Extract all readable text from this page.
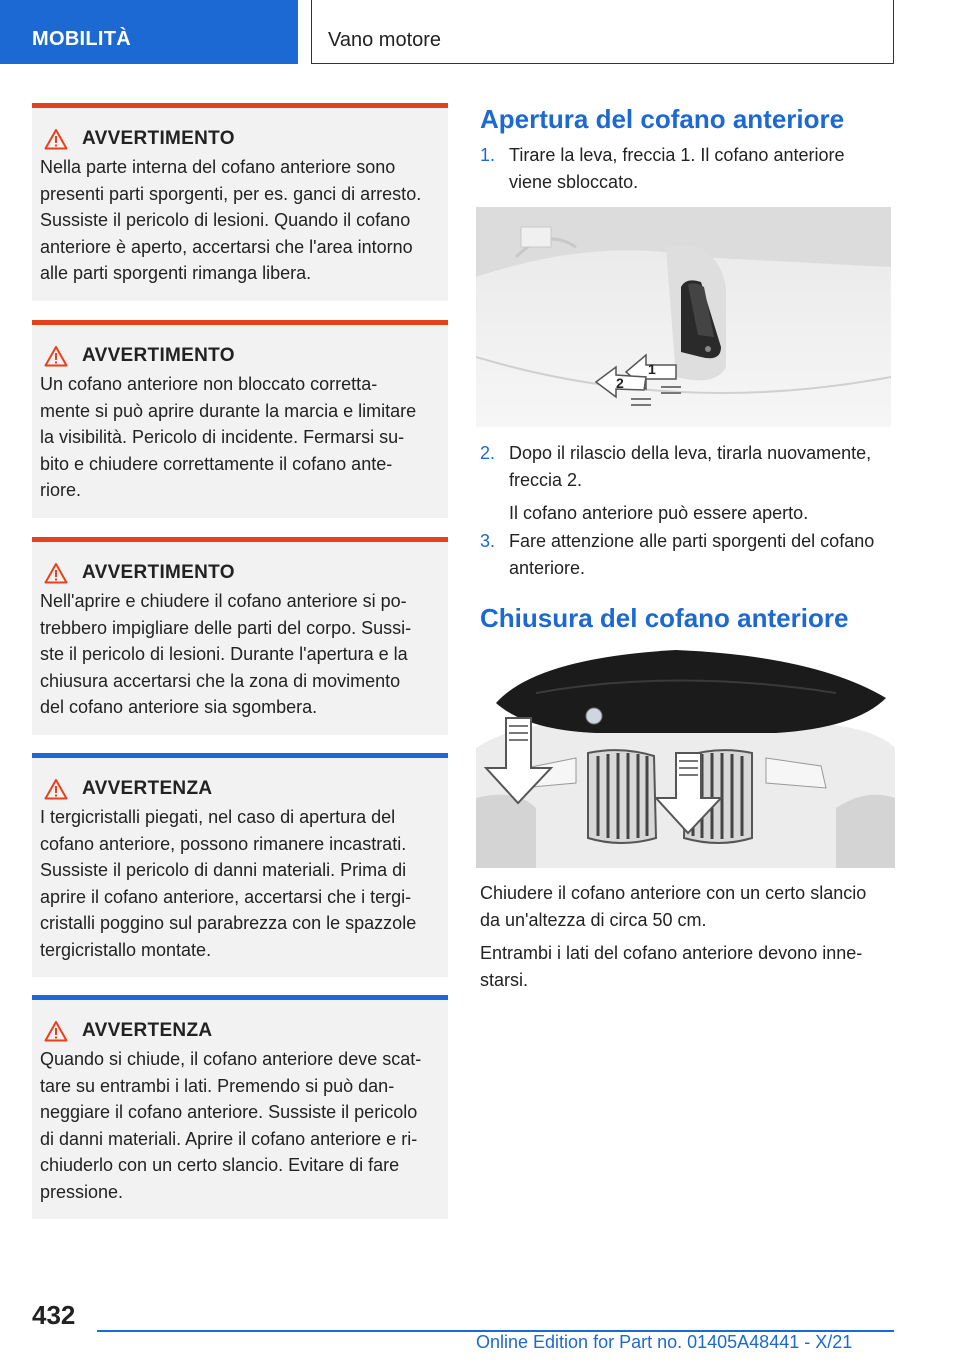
MOBILITÀ	Vano motore
AVVERTIMENTO
Nella parte interna del cofano anteriore sono
presenti parti sporgenti, per es. ganci di arresto.
Sussiste il pericolo di lesioni. Quando il cofano
anteriore è aperto, accertarsi che l'area intorno
alle parti sporgenti rimanga libera.
AVVERTIMENTO
Un cofano anteriore non bloccato corretta-
mente si può aprire durante la marcia e limitare
la visibilità. Pericolo di incidente. Fermarsi su-
bito e chiudere correttamente il cofano ante-
riore.
AVVERTIMENTO
Nell'aprire e chiudere il cofano anteriore si po-
trebbero impigliare delle parti del corpo. Sussi-
ste il pericolo di lesioni. Durante l'apertura e la
chiusura accertarsi che la zona di movimento
del cofano anteriore sia sgombera.
AVVERTENZA
I tergicristalli piegati, nel caso di apertura del
cofano anteriore, possono rimanere incastrati.
Sussiste il pericolo di danni materiali. Prima di
aprire il cofano anteriore, accertarsi che i tergi-
cristalli poggino sul parabrezza con le spazzole
tergicristallo montate.
AVVERTENZA
Quando si chiude, il cofano anteriore deve scat-
tare su entrambi i lati. Premendo si può dan-
neggiare il cofano anteriore. Sussiste il pericolo
di danni materiali. Aprire il cofano anteriore e ri-
chiuderlo con un certo slancio. Evitare di fare
pressione.
Apertura del cofano anteriore
1. Tirare la leva, freccia 1. Il cofano anteriore
viene sbloccato.
1
2
2. Dopo il rilascio della leva, tirarla nuovamente,
freccia 2.
Il cofano anteriore può essere aperto.
3. Fare attenzione alle parti sporgenti del cofano
anteriore.
Chiusura del cofano anteriore
Chiudere il cofano anteriore con un certo slancio
da un'altezza di circa 50 cm.
Entrambi i lati del cofano anteriore devono inne-
starsi.
432
Online Edition for Part no. 01405A48441 - X/21
